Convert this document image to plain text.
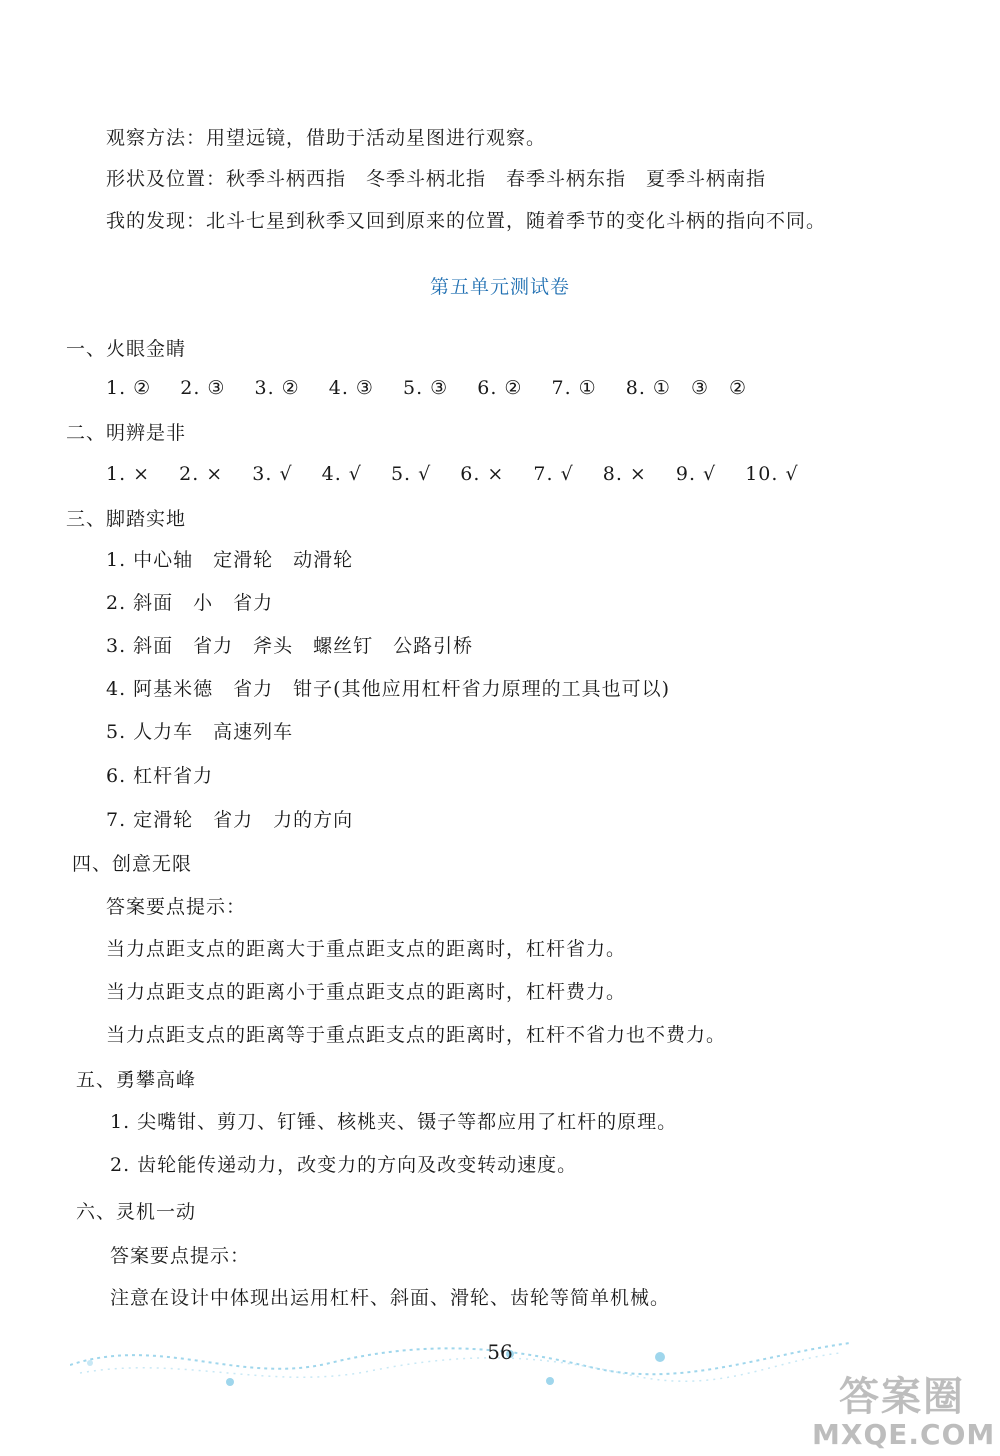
观察方法：用望远镜，借助于活动星图进行观察。
形状及位置：秋季斗柄西指　冬季斗柄北指　春季斗柄东指　夏季斗柄南指
我的发现：北斗七星到秋季又回到原来的位置，随着季节的变化斗柄的指向不同。
第五单元测试卷
一、火眼金睛
1. ② 2. ③ 3. ② 4. ③ 5. ③ 6. ② 7. ① 8. ①　③　②
二、明辨是非
1. × 2. × 3. √ 4. √ 5. √ 6. × 7. √ 8. × 9. √ 10. √
三、脚踏实地
1. 中心轴　定滑轮　动滑轮
2. 斜面　小　省力
3. 斜面　省力　斧头　螺丝钉　公路引桥
4. 阿基米德　省力　钳子(其他应用杠杆省力原理的工具也可以)
5. 人力车　高速列车
6. 杠杆省力
7. 定滑轮　省力　力的方向
四、创意无限
答案要点提示：
当力点距支点的距离大于重点距支点的距离时，杠杆省力。
当力点距支点的距离小于重点距支点的距离时，杠杆费力。
当力点距支点的距离等于重点距支点的距离时，杠杆不省力也不费力。
五、勇攀高峰
1. 尖嘴钳、剪刀、钉锤、核桃夹、镊子等都应用了杠杆的原理。
2. 齿轮能传递动力，改变力的方向及改变转动速度。
六、灵机一动
答案要点提示：
注意在设计中体现出运用杠杆、斜面、滑轮、齿轮等简单机械。
56
答案圈
MXQE.COM
